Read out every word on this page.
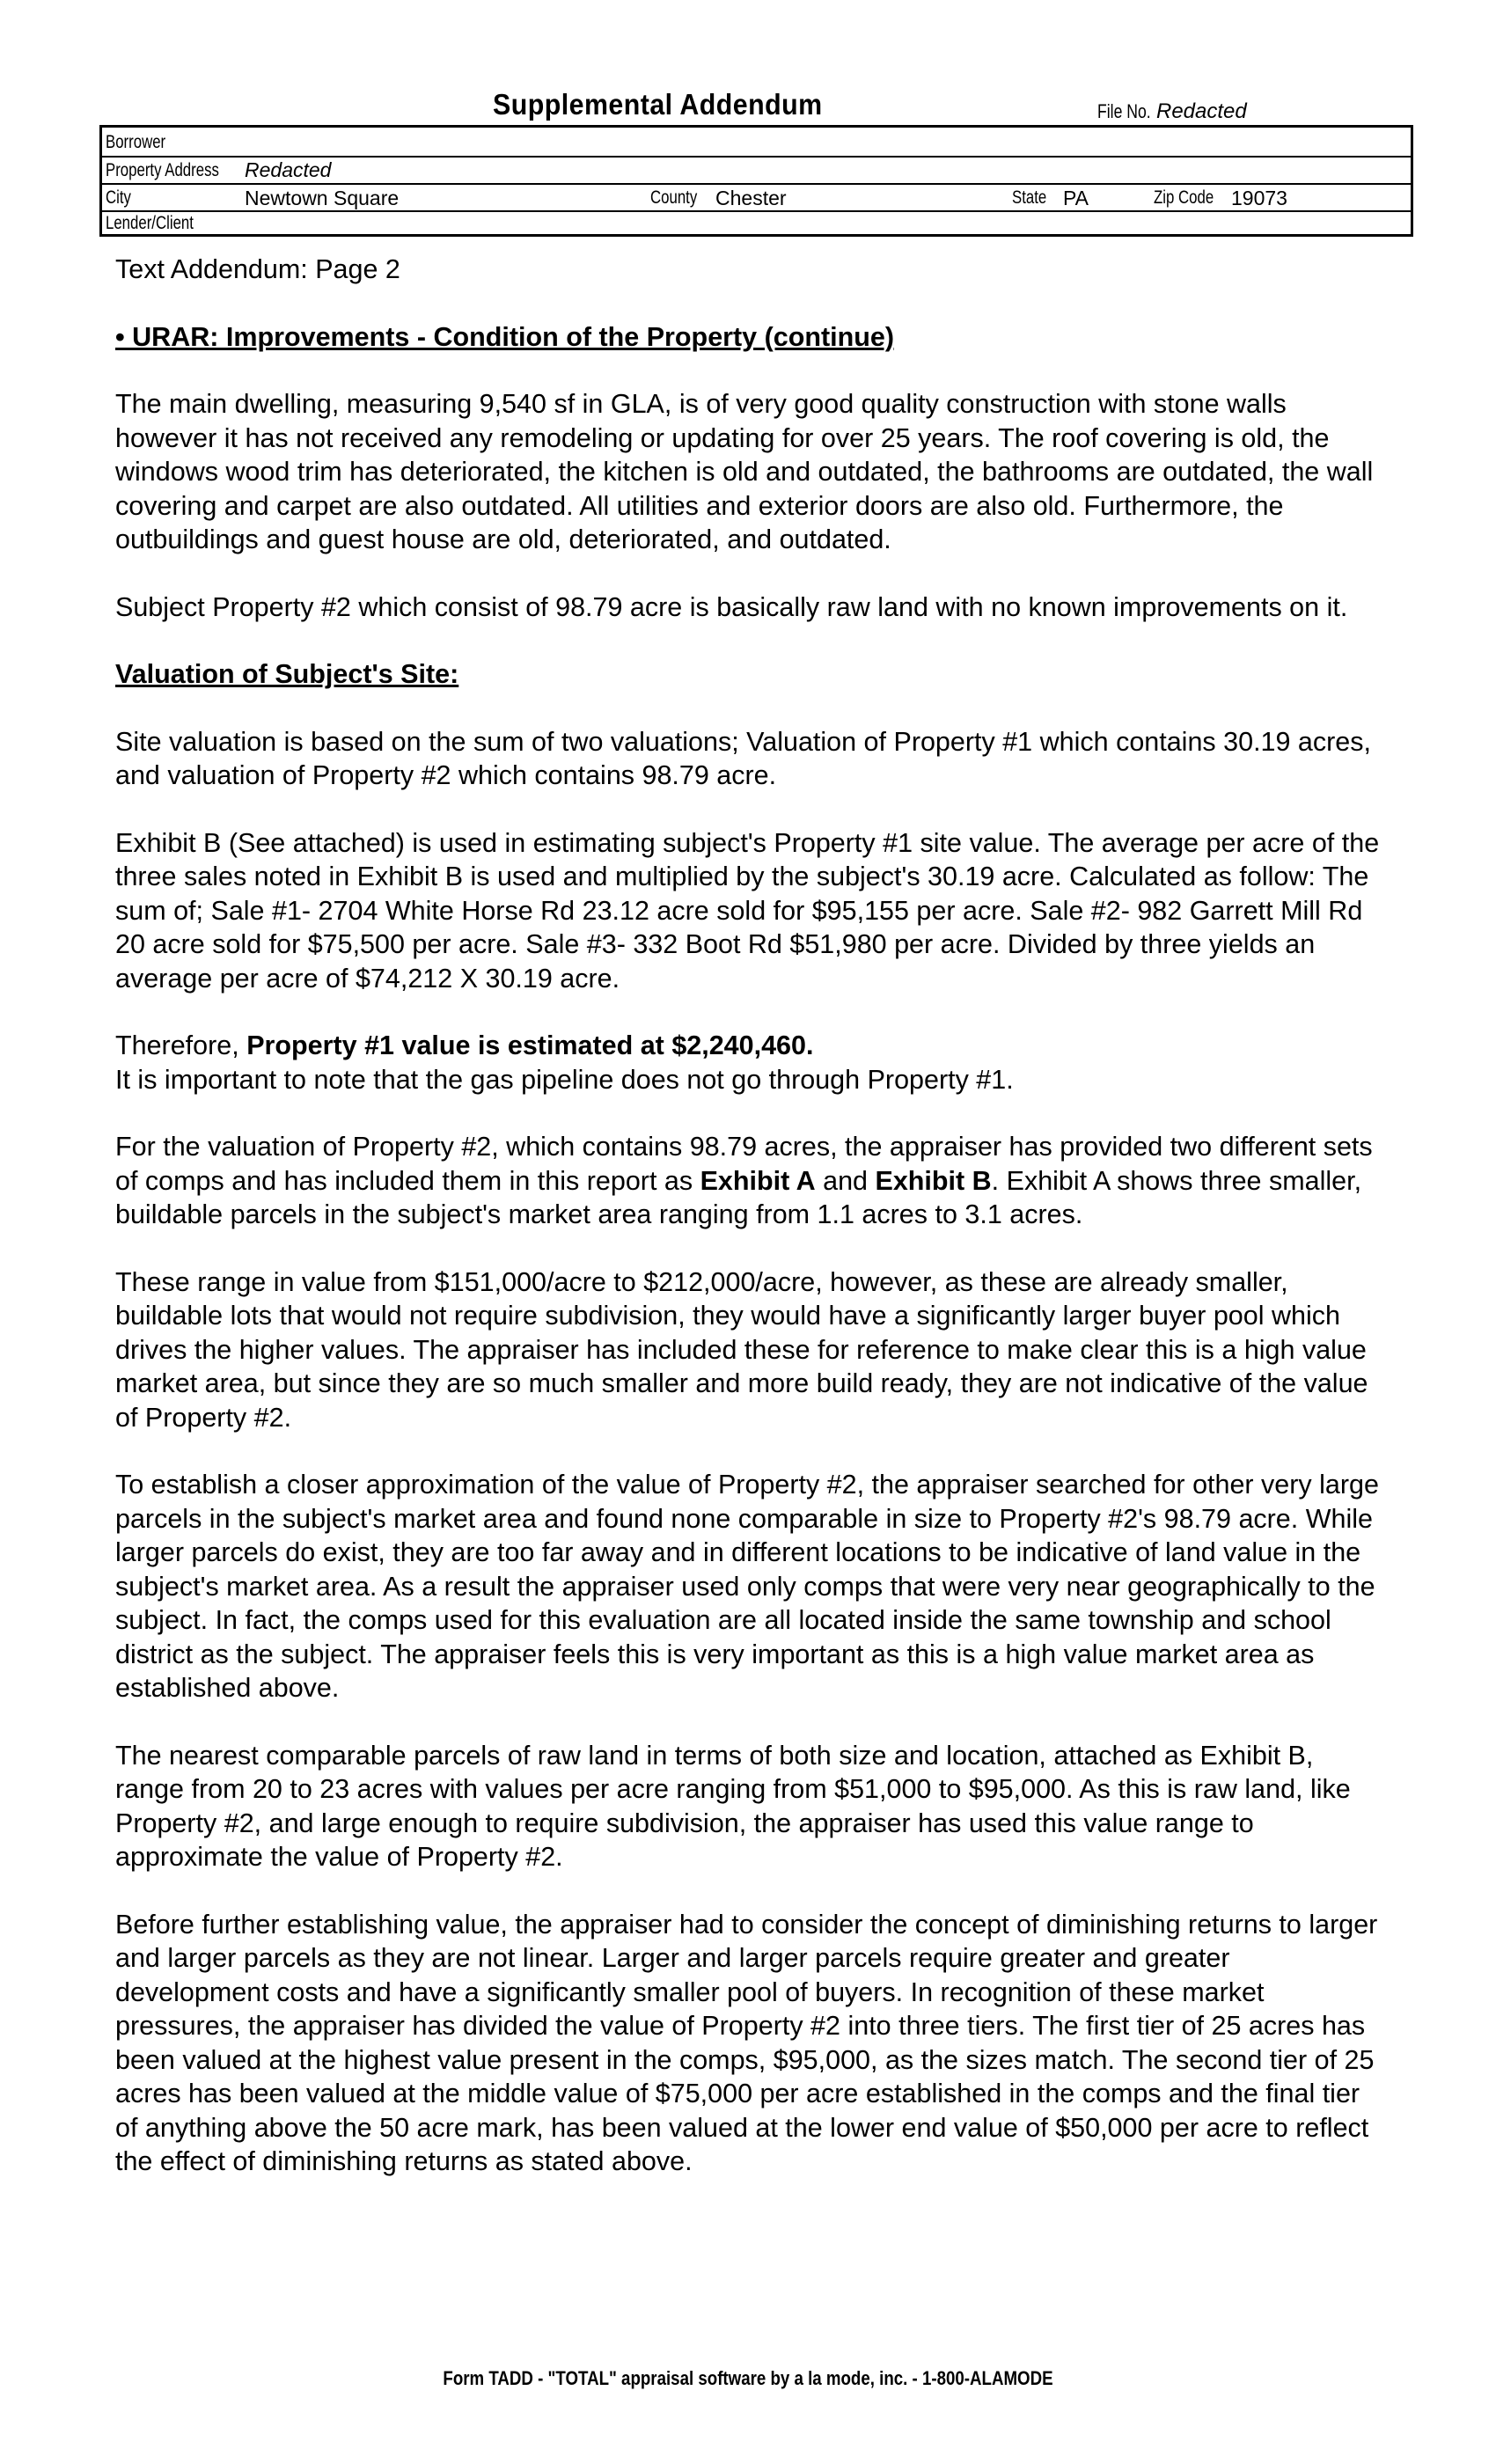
Supplemental Addendum	File No. Redacted
Borrower
Property Address Redacted
City	Newtown Square	County Chester	State PA	Zip Code 19073
Lender/Client

Text Addendum: Page 2

• URAR: Improvements - Condition of the Property (continue)

The main dwelling, measuring 9,540 sf in GLA, is of very good quality construction with stone walls however it has not received any remodeling or updating for over 25 years. The roof covering is old, the windows wood trim has deteriorated, the kitchen is old and outdated, the bathrooms are outdated, the wall covering and carpet are also outdated. All utilities and exterior doors are also old. Furthermore, the outbuildings and guest house are old, deteriorated, and outdated.

Subject Property #2 which consist of 98.79 acre is basically raw land with no known improvements on it.

Valuation of Subject's Site:

Site valuation is based on the sum of two valuations; Valuation of Property #1 which contains 30.19 acres, and valuation of Property #2 which contains 98.79 acre.

Exhibit B (See attached) is used in estimating subject's Property #1 site value. The average per acre of the three sales noted in Exhibit B is used and multiplied by the subject's 30.19 acre. Calculated as follow: The sum of; Sale #1- 2704 White Horse Rd 23.12 acre sold for $95,155 per acre. Sale #2- 982 Garrett Mill Rd 20 acre sold for $75,500 per acre. Sale #3- 332 Boot Rd $51,980 per acre. Divided by three yields an average per acre of $74,212 X 30.19 acre.

Therefore, Property #1 value is estimated at $2,240,460.

It is important to note that the gas pipeline does not go through Property #1.

For the valuation of Property #2, which contains 98.79 acres, the appraiser has provided two different sets of comps and has included them in this report as Exhibit A and Exhibit B. Exhibit A shows three smaller, buildable parcels in the subject's market area ranging from 1.1 acres to 3.1 acres.

These range in value from $151,000/acre to $212,000/acre, however, as these are already smaller, buildable lots that would not require subdivision, they would have a significantly larger buyer pool which drives the higher values. The appraiser has included these for reference to make clear this is a high value market area, but since they are so much smaller and more build ready, they are not indicative of the value of Property #2.

To establish a closer approximation of the value of Property #2, the appraiser searched for other very large parcels in the subject's market area and found none comparable in size to Property #2's 98.79 acre. While larger parcels do exist, they are too far away and in different locations to be indicative of land value in the subject's market area. As a result the appraiser used only comps that were very near geographically to the subject. In fact, the comps used for this evaluation are all located inside the same township and school district as the subject. The appraiser feels this is very important as this is a high value market area as established above.

The nearest comparable parcels of raw land in terms of both size and location, attached as Exhibit B, range from 20 to 23 acres with values per acre ranging from $51,000 to $95,000. As this is raw land, like Property #2, and large enough to require subdivision, the appraiser has used this value range to approximate the value of Property #2.

Before further establishing value, the appraiser had to consider the concept of diminishing returns to larger and larger parcels as they are not linear. Larger and larger parcels require greater and greater development costs and have a significantly smaller pool of buyers. In recognition of these market pressures, the appraiser has divided the value of Property #2 into three tiers. The first tier of 25 acres has been valued at the highest value present in the comps, $95,000, as the sizes match. The second tier of 25 acres has been valued at the middle value of $75,000 per acre established in the comps and the final tier of anything above the 50 acre mark, has been valued at the lower end value of $50,000 per acre to reflect the effect of diminishing returns as stated above.

Form TADD - "TOTAL" appraisal software by a la mode, inc. - 1-800-ALAMODE
